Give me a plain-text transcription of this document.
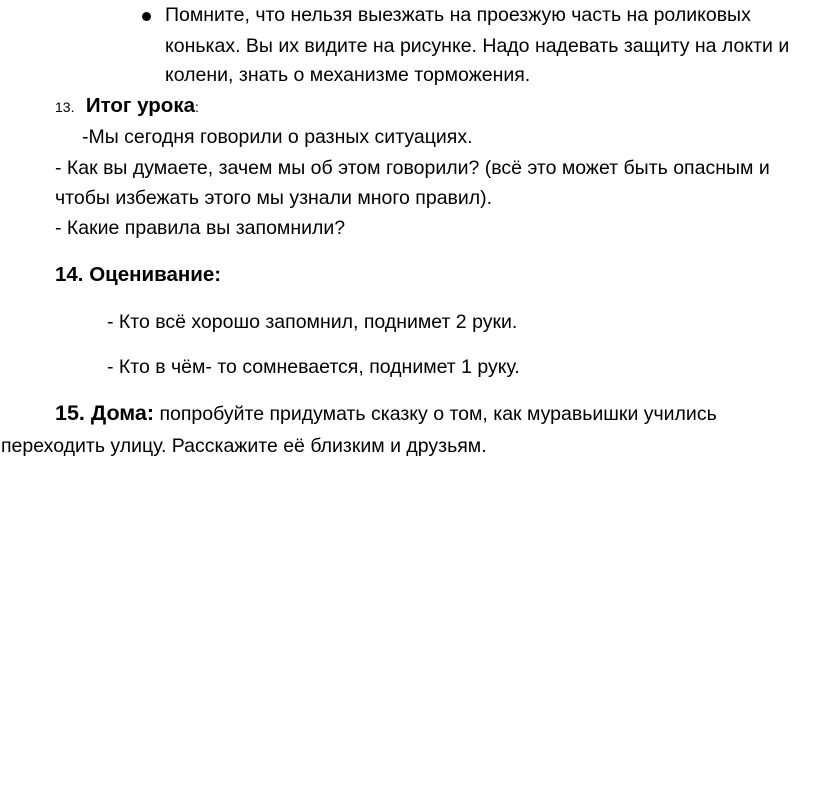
Помните, что нельзя выезжать на проезжую часть на роликовых
коньках. Вы их видите на рисунке. Надо надевать защиту на локти и
колени, знать о механизме торможения.
13. Итог урока:
-Мы сегодня говорили о разных ситуациях.
- Как вы думаете, зачем мы об этом говорили? (всё это может быть опасным и
чтобы избежать этого мы узнали много правил).
- Какие правила вы запомнили?
14. Оценивание:
- Кто всё хорошо запомнил, поднимет 2 руки.
- Кто в чём- то сомневается, поднимет 1 руку.
15. Дома: попробуйте придумать сказку о том, как муравьишки учились
переходить улицу. Расскажите её близким и друзьям.
